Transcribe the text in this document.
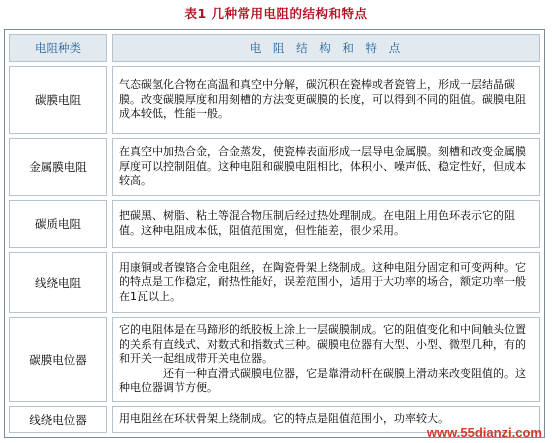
表1 几种常用电阻的结构和特点
电阻种类	电 阻 结 构 和 特 点
碳膜电阻
气态碳氢化合物在高温和真空中分解，碳沉积在瓷棒或者瓷管上，形成一层结晶碳膜。改变碳膜厚度和用刻槽的方法变更碳膜的长度，可以得到不同的阻值。碳膜电阻成本较低，性能一般。
金属膜电阻
在真空中加热合金，合金蒸发，使瓷棒表面形成一层导电金属膜。刻槽和改变金属膜厚度可以控制阻值。这种电阻和碳膜电阻相比，体积小、噪声低、稳定性好，但成本较高。
碳质电阻
把碳黑、树脂、粘土等混合物压制后经过热处理制成。在电阻上用色环表示它的阻值。这种电阻成本低，阻值范围宽，但性能差，很少采用。
线绕电阻
用康铜或者镍铬合金电阻丝，在陶瓷骨架上绕制成。这种电阻分固定和可变两种。它的特点是工作稳定，耐热性能好，误差范围小，适用于大功率的场合，额定功率一般在1瓦以上。
碳膜电位器
它的电阻体是在马蹄形的纸胶板上涂上一层碳膜制成。它的阻值变化和中间触头位置的关系有直线式、对数式和指数式三种。碳膜电位器有大型、小型、微型几种，有的和开关一起组成带开关电位器。
还有一种直滑式碳膜电位器，它是靠滑动杆在碳膜上滑动来改变阻值的。这种电位器调节方便。
线绕电位器	用电阻丝在环状骨架上绕制成。它的特点是阻值范围小，功率较大。
www.55dianzi.com
